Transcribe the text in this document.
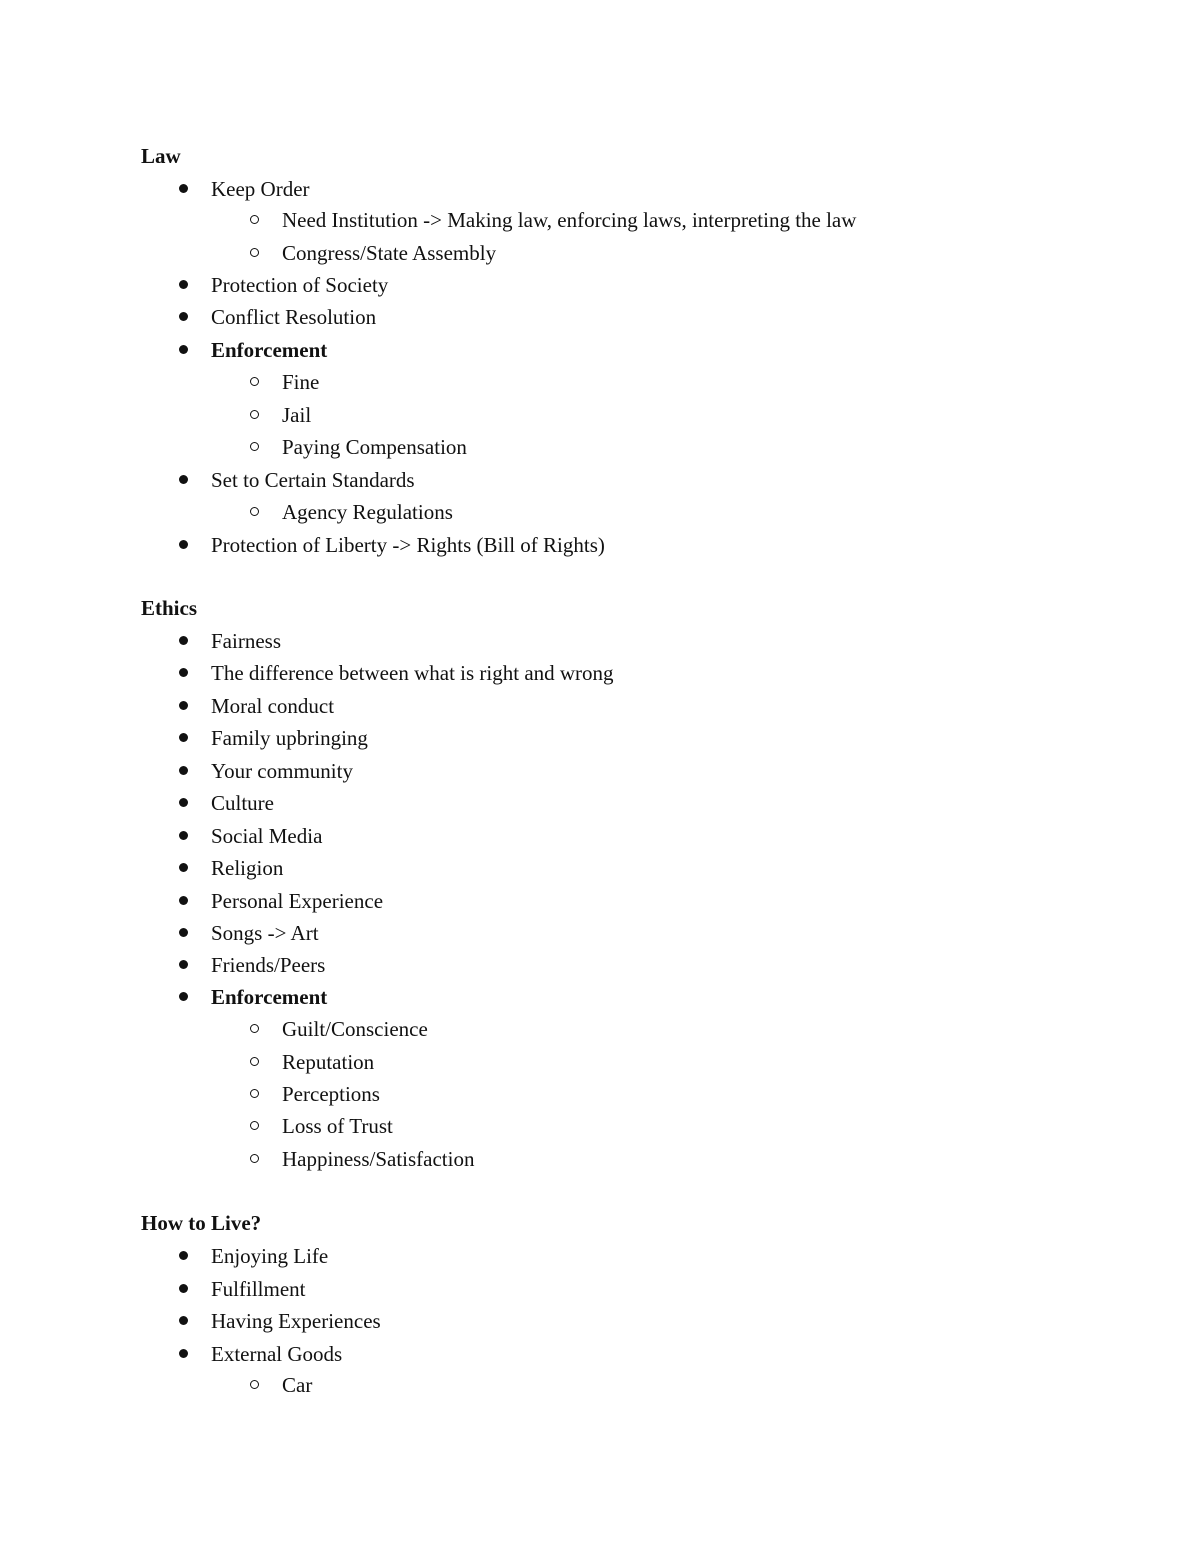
Law
Keep Order
Need Institution -> Making law, enforcing laws, interpreting the law
Congress/State Assembly
Protection of Society
Conflict Resolution
Enforcement
Fine
Jail
Paying Compensation
Set to Certain Standards
Agency Regulations
Protection of Liberty -> Rights (Bill of Rights)
Ethics
Fairness
The difference between what is right and wrong
Moral conduct
Family upbringing
Your community
Culture
Social Media
Religion
Personal Experience
Songs -> Art
Friends/Peers
Enforcement
Guilt/Conscience
Reputation
Perceptions
Loss of Trust
Happiness/Satisfaction
How to Live?
Enjoying Life
Fulfillment
Having Experiences
External Goods
Car
